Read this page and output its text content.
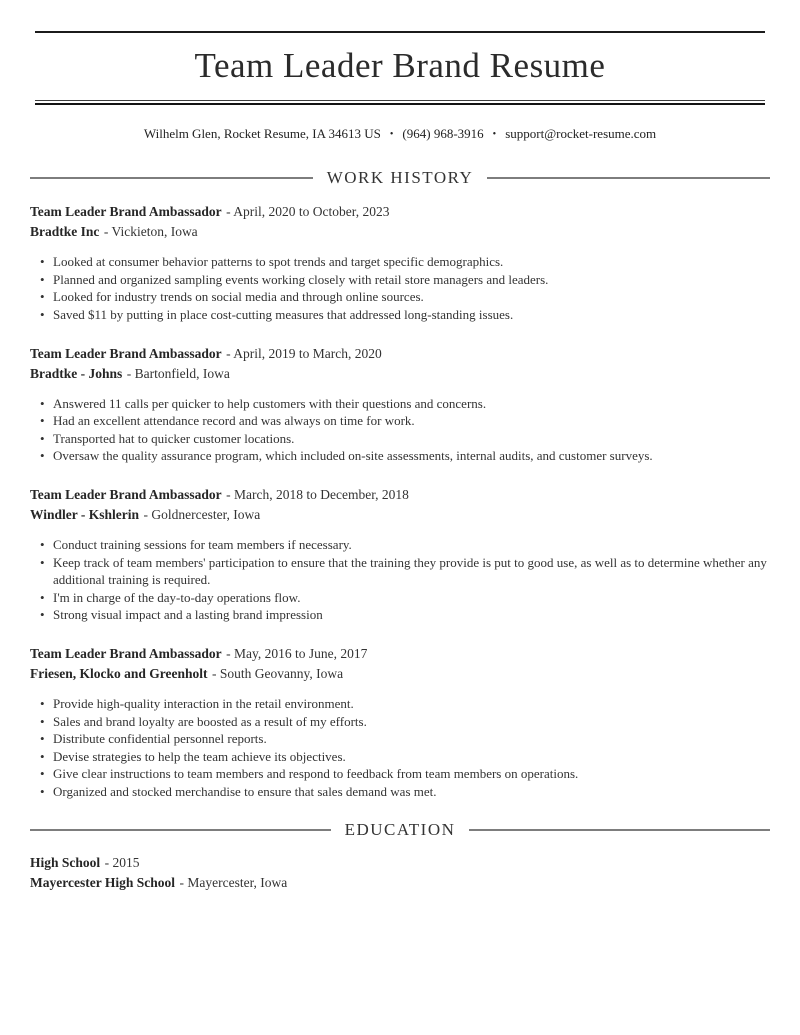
Team Leader Brand Resume
Wilhelm Glen, Rocket Resume, IA 34613 US • (964) 968-3916 • support@rocket-resume.com
WORK HISTORY
Team Leader Brand Ambassador - April, 2020 to October, 2023
Bradtke Inc - Vickieton, Iowa
• Looked at consumer behavior patterns to spot trends and target specific demographics.
• Planned and organized sampling events working closely with retail store managers and leaders.
• Looked for industry trends on social media and through online sources.
• Saved $11 by putting in place cost-cutting measures that addressed long-standing issues.
Team Leader Brand Ambassador - April, 2019 to March, 2020
Bradtke - Johns - Bartonfield, Iowa
• Answered 11 calls per quicker to help customers with their questions and concerns.
• Had an excellent attendance record and was always on time for work.
• Transported hat to quicker customer locations.
• Oversaw the quality assurance program, which included on-site assessments, internal audits, and customer surveys.
Team Leader Brand Ambassador - March, 2018 to December, 2018
Windler - Kshlerin - Goldnercester, Iowa
• Conduct training sessions for team members if necessary.
• Keep track of team members' participation to ensure that the training they provide is put to good use, as well as to determine whether any additional training is required.
• I'm in charge of the day-to-day operations flow.
• Strong visual impact and a lasting brand impression
Team Leader Brand Ambassador - May, 2016 to June, 2017
Friesen, Klocko and Greenholt - South Geovanny, Iowa
• Provide high-quality interaction in the retail environment.
• Sales and brand loyalty are boosted as a result of my efforts.
• Distribute confidential personnel reports.
• Devise strategies to help the team achieve its objectives.
• Give clear instructions to team members and respond to feedback from team members on operations.
• Organized and stocked merchandise to ensure that sales demand was met.
EDUCATION
High School - 2015
Mayercester High School - Mayercester, Iowa
